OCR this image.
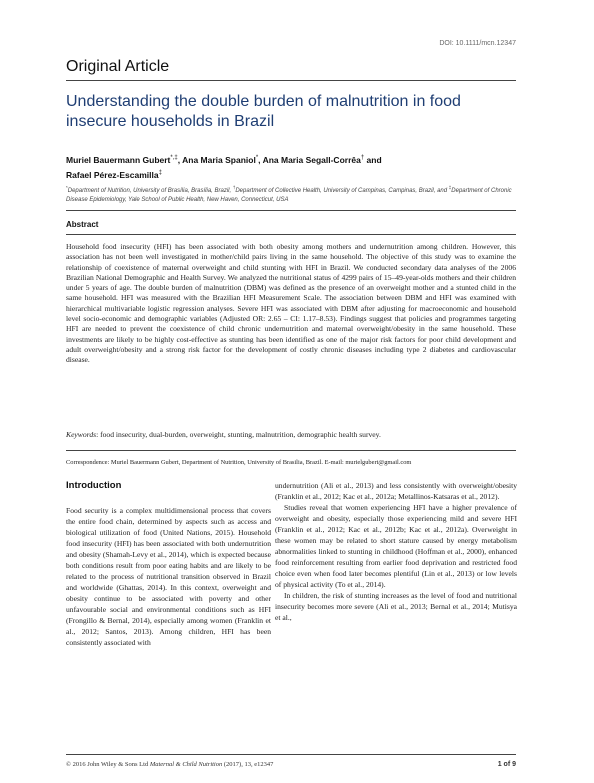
DOI: 10.1111/mcn.12347
Original Article
Understanding the double burden of malnutrition in food insecure households in Brazil
Muriel Bauermann Gubert*,‡, Ana Maria Spaniol*, Ana Maria Segall-Corrêa† and
Rafael Pérez-Escamilla‡
*Department of Nutrition, University of Brasília, Brasília, Brazil, †Department of Collective Health, University of Campinas, Campinas, Brazil, and ‡Department of Chronic Disease Epidemiology, Yale School of Public Health, New Haven, Connecticut, USA
Abstract

Household food insecurity (HFI) has been associated with both obesity among mothers and undernutrition among children. However, this association has not been well investigated in mother/child pairs living in the same household. The objective of this study was to examine the relationship of coexistence of maternal overweight and child stunting with HFI in Brazil. We conducted secondary data analyses of the 2006 Brazilian National Demographic and Health Survey. We analyzed the nutritional status of 4299 pairs of 15–49-year-olds mothers and their children under 5 years of age. The double burden of malnutrition (DBM) was defined as the presence of an overweight mother and a stunted child in the same household. HFI was measured with the Brazilian HFI Measurement Scale. The association between DBM and HFI was examined with hierarchical multivariable logistic regression analyses. Severe HFI was associated with DBM after adjusting for macroeconomic and household level socio-economic and demographic variables (Adjusted OR: 2.65 – CI: 1.17–8.53). Findings suggest that policies and programmes targeting HFI are needed to prevent the coexistence of child chronic undernutrition and maternal overweight/obesity in the same household. These investments are likely to be highly cost-effective as stunting has been identified as one of the major risk factors for poor child development and adult overweight/obesity and a strong risk factor for the development of costly chronic diseases including type 2 diabetes and cardiovascular disease.

Keywords: food insecurity, dual-burden, overweight, stunting, malnutrition, demographic health survey.
Correspondence: Muriel Bauermann Gubert, Department of Nutrition, University of Brasilia, Brazil. E-mail: murielgubert@gmail.com
Introduction

Food security is a complex multidimensional process that covers the entire food chain, determined by aspects such as access and biological utilization of food (United Nations, 2015). Household food insecurity (HFI) has been associated with both undernutrition and obesity (Shamah-Levy et al., 2014), which is expected because both conditions result from poor eating habits and are likely to be related to the process of nutritional transition observed in Brazil and worldwide (Ghattas, 2014). In this context, overweight and obesity continue to be associated with poverty and other unfavourable social and environmental conditions such as HFI (Frongillo & Bernal, 2014), especially among women (Franklin et al., 2012; Santos, 2013). Among children, HFI has been consistently associated with

undernutrition (Ali et al., 2013) and less consistently with overweight/obesity (Franklin et al., 2012; Kac et al., 2012a; Metallinos-Katsaras et al., 2012).

Studies reveal that women experiencing HFI have a higher prevalence of overweight and obesity, especially those experiencing mild and severe HFI (Franklin et al., 2012; Kac et al., 2012b; Kac et al., 2012a). Overweight in these women may be related to short stature caused by energy metabolism abnormalities linked to stunting in childhood (Hoffman et al., 2000), enhanced food reinforcement resulting from earlier food deprivation and restricted food choice even when food later becomes plentiful (Lin et al., 2013) or low levels of physical activity (To et al., 2014).

In children, the risk of stunting increases as the level of food and nutritional insecurity becomes more severe (Ali et al., 2013; Bernal et al., 2014; Mutisya et al.,

© 2016 John Wiley & Sons Ltd Maternal & Child Nutrition (2017), 13, e12347	1 of 9
